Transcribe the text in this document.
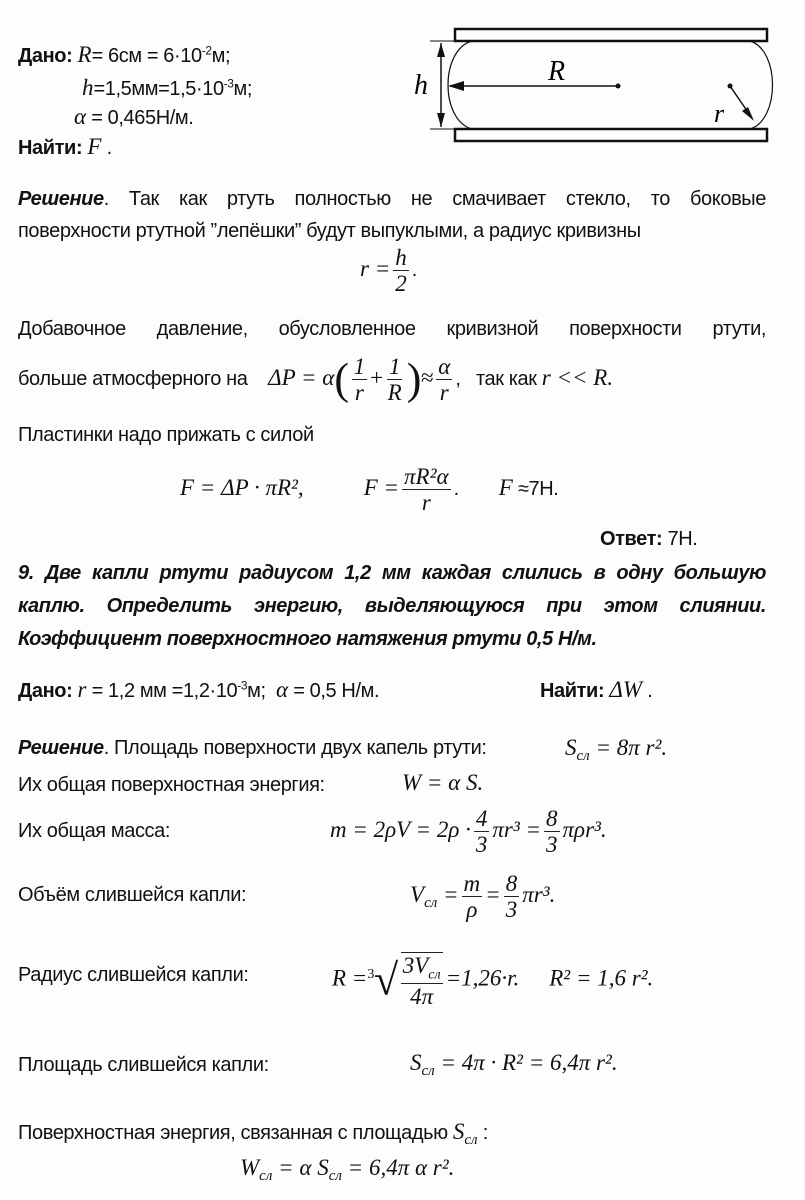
Дано: $R= 6см = 6\cdot 10^{-2}м$;
$h=1,5мм=1,5\cdot 10^{-3}м$;
α = 0,465Н/м.
Найти: F .
R
h
r
Решение. Так как ртуть полностью не смачивает стекло, то боковые
поверхности ртутной ”лепёшки” будут выпуклыми, а радиус кривизны
$r = \frac{h}{2}$ .
Добавочное давление, обусловленное кривизной поверхности ртути,
больше атмосферного на $\Delta P = \alpha( \frac{1}{r} + \frac{1}{R}$ )≈ $\frac{\alpha}{r}$ , так как r << R.
Пластинки надо прижать с силой
F = ΔP · πR²,	$F = \frac{\text{πR²α}}{r}$ . F ≈7Н.
Ответ: 7Н.
9. Две капли ртути радиусом 1,2 мм каждая слились в одну большую
каплю. Определить энергию, выделяющуюся при этом слиянии.
Коэффициент поверхностного натяжения ртути 0,5 Н/м.
Дано: r = 1,2 мм $=1,2\cdot 10^{-3}м$; α = 0,5 Н/м.	Найти: ΔW .
Решение. Площадь поверхности двух капель ртути:	$S_{сл} = 8\pi$ r².
Их общая поверхностная энергия:	W = α S.
Их общая масса:	$m = 2\rho V = 2\rho \cdot \frac{4}{3} \pi r^3 = \frac{8}{3} \pi\rho r^3$.
Объём слившейся капли:	$V_{сл} = \frac{m}{\rho} = \frac{8}{3} \pi r^3$.
Радиус слившейся капли:	R =$^3$√ $3V_{сл}$
4π
=1,26·r. R² = 1,6 r².
Площадь слившейся капли:	$S_{сл} = 4\pi \cdot R^2 = 6,4\pi$ r².
Поверхностная энергия, связанная с площадью $S_{сл}$ :
$W_{сл} = \alpha$ $S_{сл} = 6,4\pi$ α r².
